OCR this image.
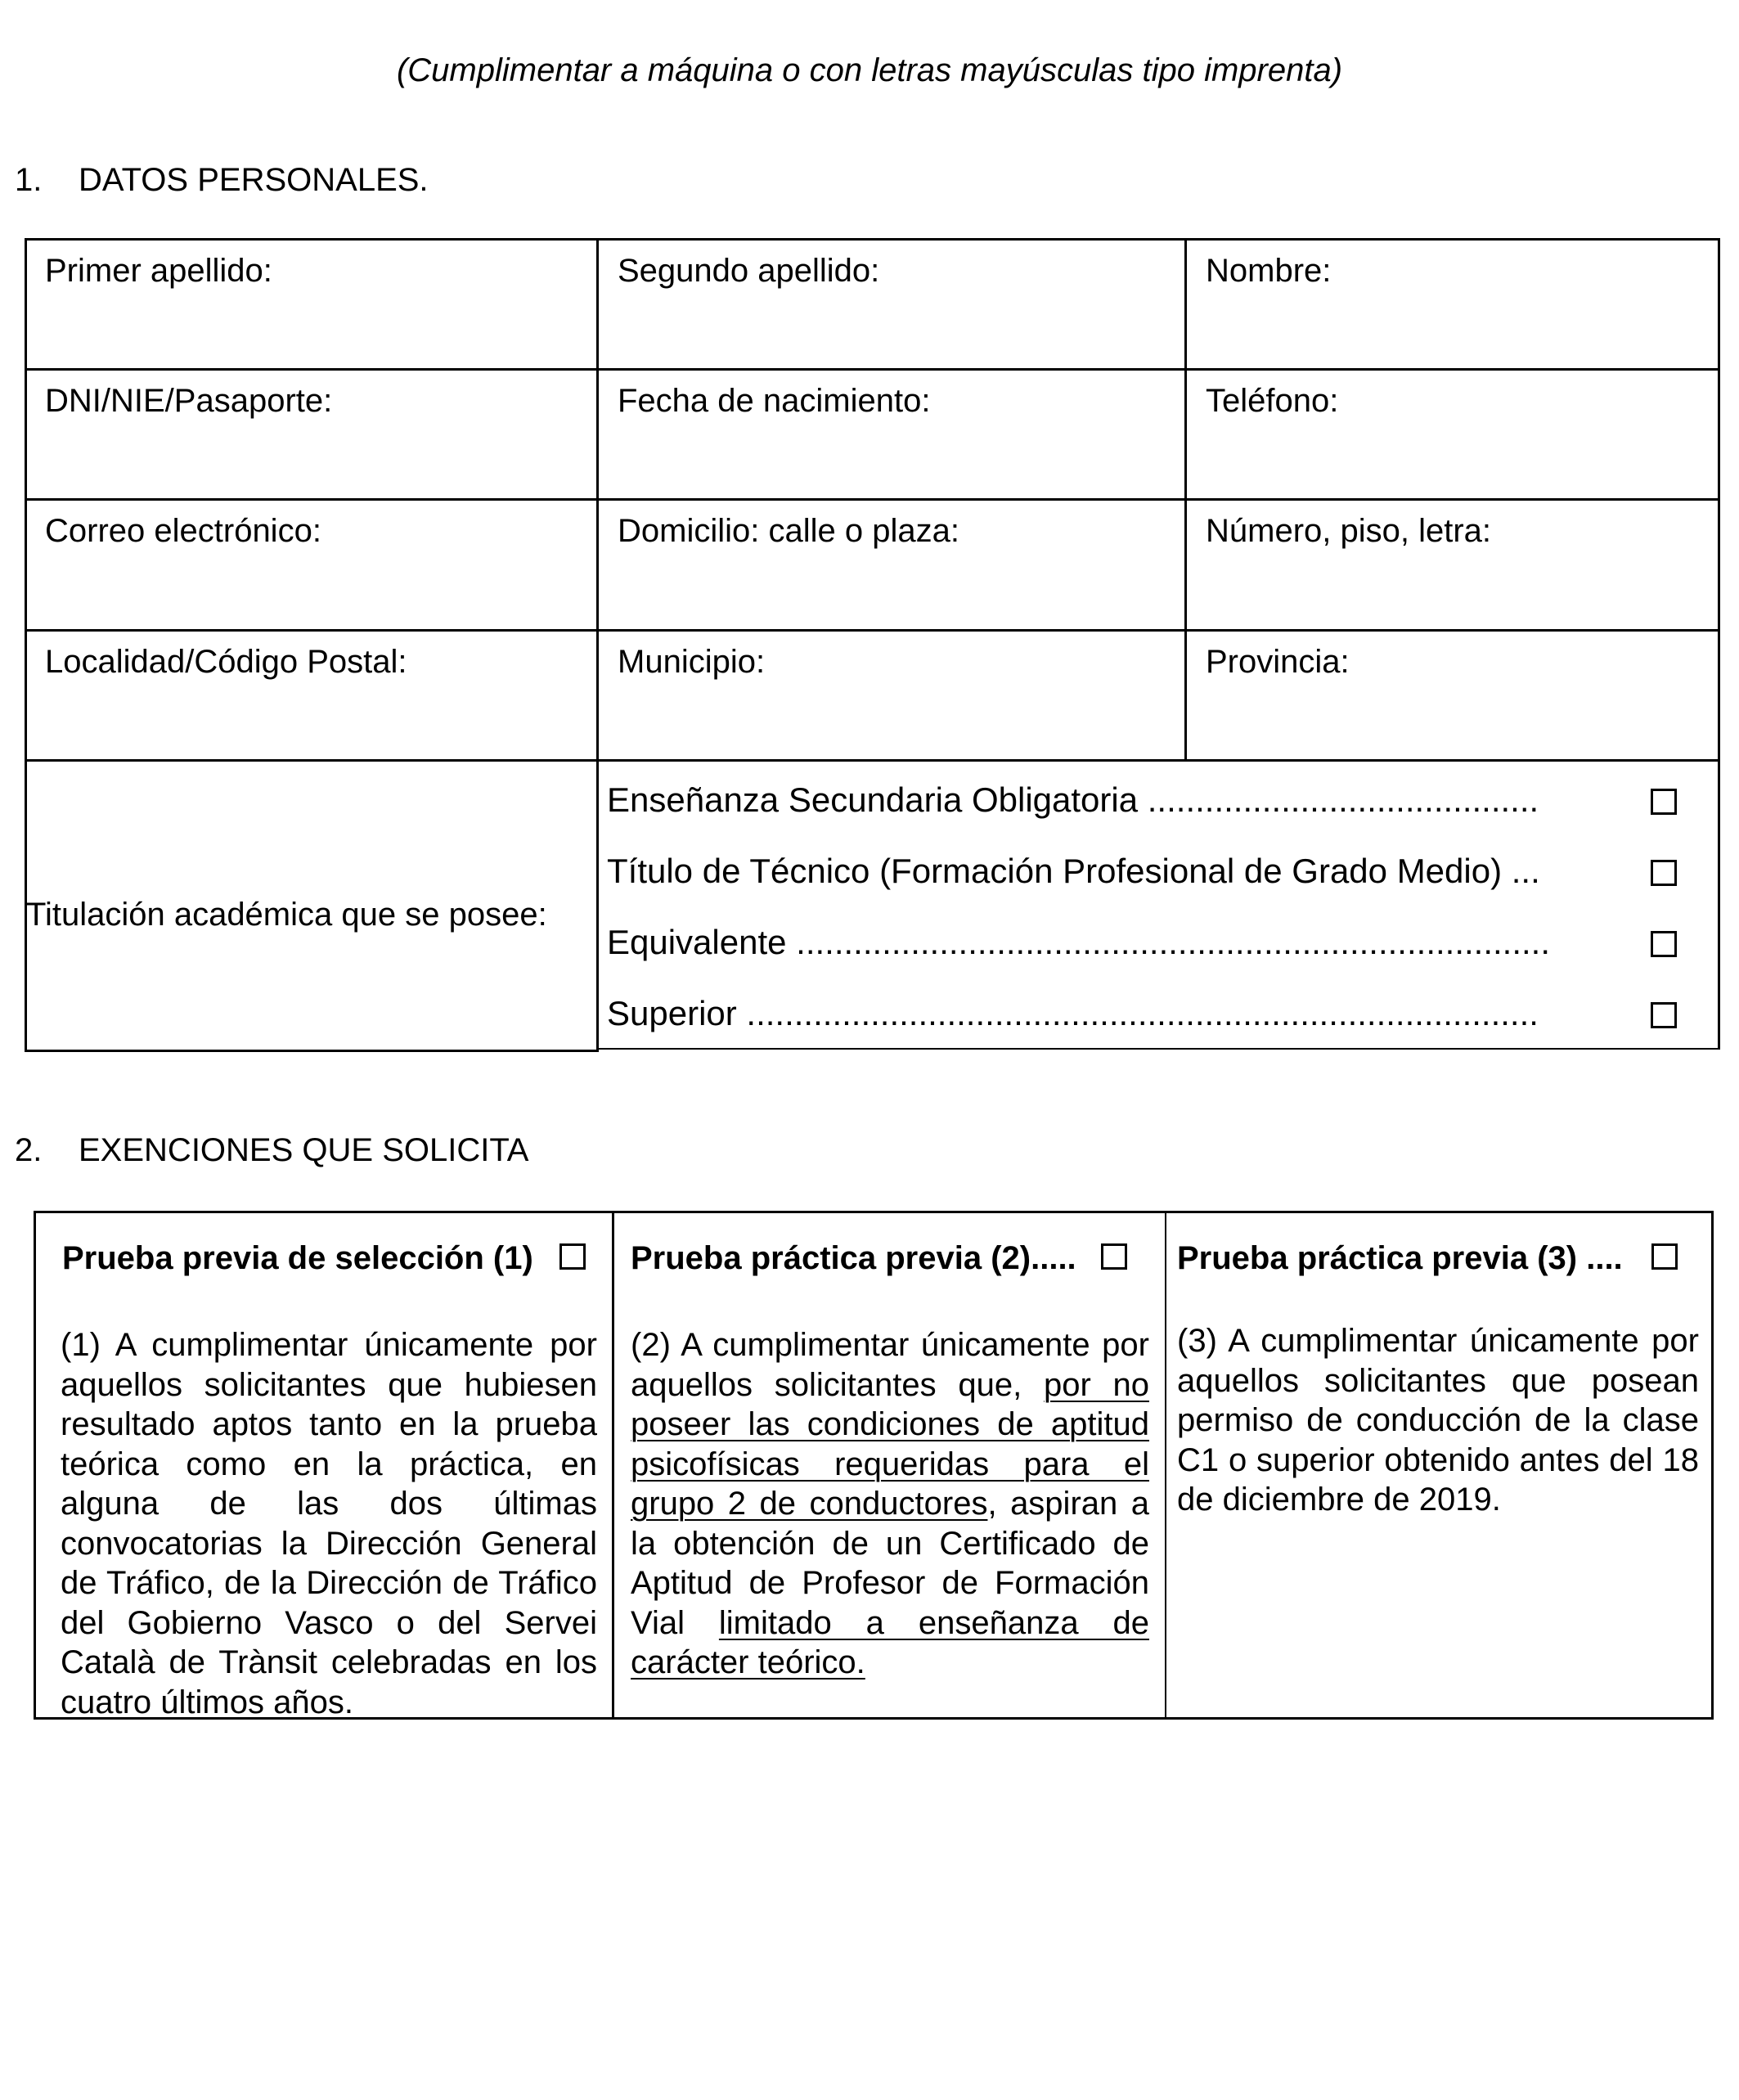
(Cumplimentar a máquina o con letras mayúsculas tipo imprenta)
1. DATOS PERSONALES.
Primer apellido:	Segundo apellido:	Nombre:
DNI/NIE/Pasaporte:	Fecha de nacimiento:	Teléfono:
Correo electrónico:	Domicilio: calle o plaza:	Número, piso, letra:
Localidad/Código Postal:	Municipio:	Provincia:
Titulación académica que se posee:
Enseñanza Secundaria Obligatoria .........................................
Título de Técnico (Formación Profesional de Grado Medio) ...
Equivalente ...............................................................................
Superior ...................................................................................
2. EXENCIONES QUE SOLICITA
Prueba previa de selección (1)
(1) A cumplimentar únicamente por aquellos solicitantes que hubiesen resultado aptos tanto en la prueba teórica como en la práctica, en alguna de las dos últimas convocatorias la Dirección General de Tráfico, de la Dirección de Tráfico del Gobierno Vasco o del Servei Català de Trànsit celebradas en los cuatro últimos años.
Prueba práctica previa (2).....
(2) A cumplimentar únicamente por aquellos solicitantes que, por no poseer las condiciones de aptitud psicofísicas requeridas para el grupo 2 de conductores, aspiran a la obtención de un Certificado de Aptitud de Profesor de Formación Vial limitado a enseñanza de carácter teórico.
Prueba práctica previa (3) ....
(3) A cumplimentar únicamente por aquellos solicitantes que posean permiso de conducción de la clase C1 o superior obtenido antes del 18 de diciembre de 2019.
